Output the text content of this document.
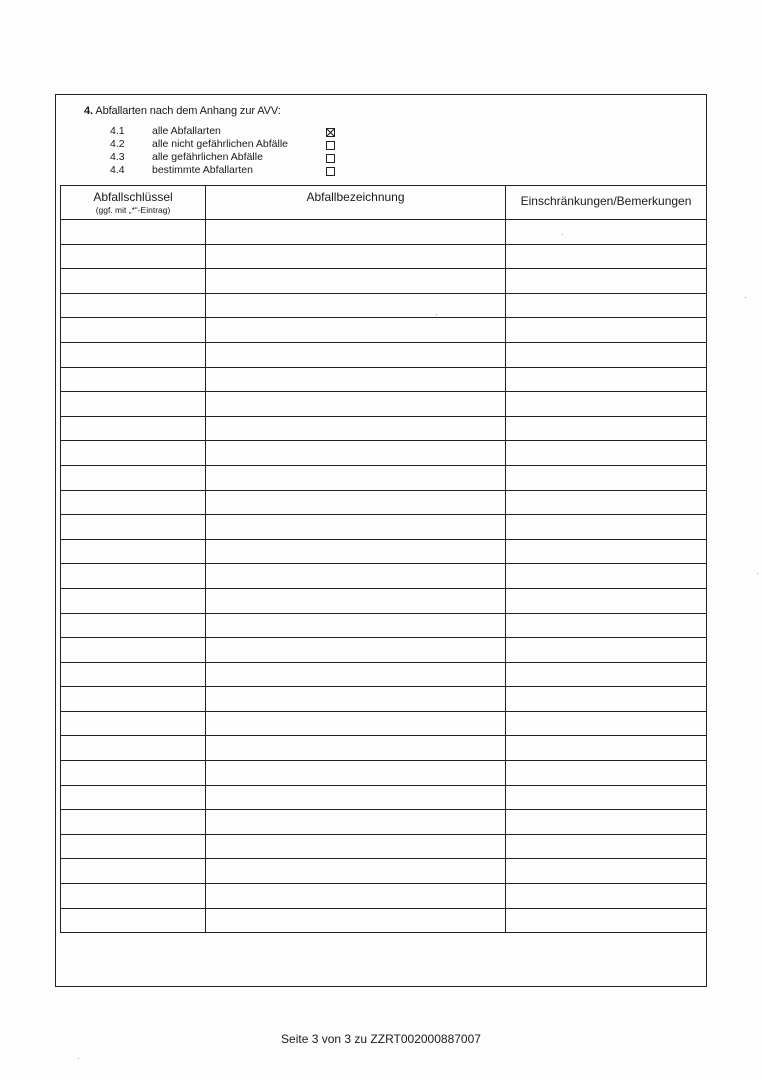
4. Abfallarten nach dem Anhang zur AVV:
4.1	alle Abfallarten
4.2	alle nicht gefährlichen Abfälle
4.3	alle gefährlichen Abfälle
4.4	bestimmte Abfallarten
Abfallschlüssel
(ggf. mit „*“-Eintrag)	Abfallbezeichnung	Einschränkungen/Bemerkungen

Seite 3 von 3 zu ZZRT002000887007
